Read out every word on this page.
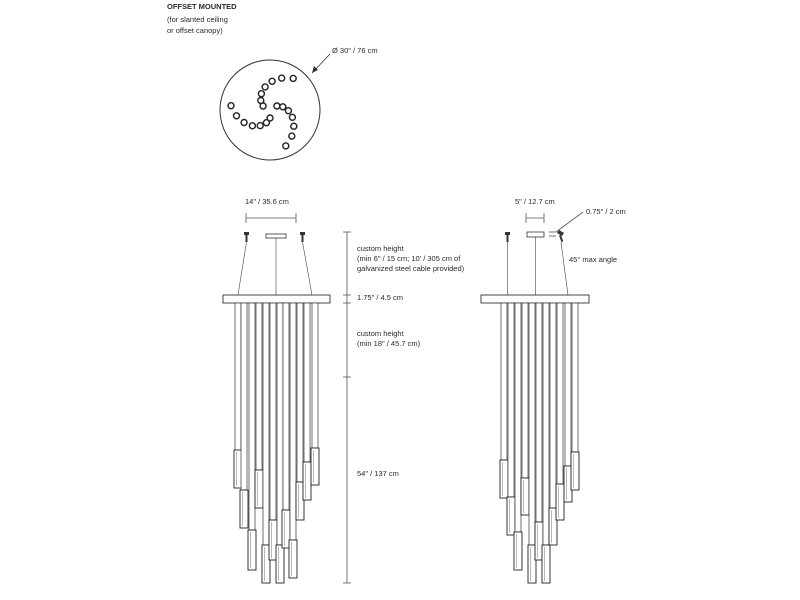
OFFSET MOUNTED
(for slanted ceiling
or offset canopy)
Ø 30" / 76 cm
14" / 35.6 cm
custom height
(min 6" / 15 cm; 10' / 305 cm of
galvanized steel cable provided)
1.75" / 4.5 cm
custom height
(min 18" / 45.7 cm)
54" / 137 cm
5" / 12.7 cm
0.75" / 2 cm
45° max angle
